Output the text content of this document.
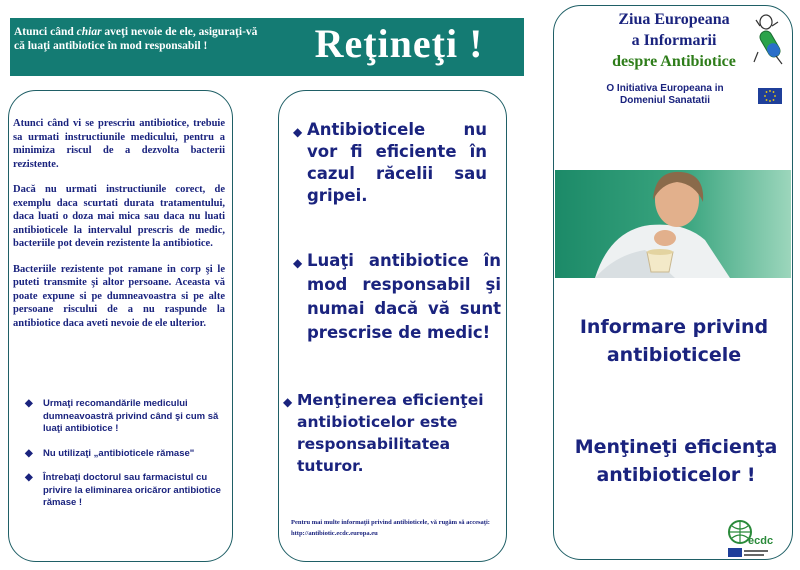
Atunci când chiar aveţi nevoie de ele, asiguraţi-vă că luaţi antibiotice în mod responsabil !	Reţineţi !

Atunci când vi se prescriu antibiotice, trebuie sa urmati instructiunile medicului, pentru a minimiza riscul de a dezvolta bacterii rezistente.

Dacă nu urmati instructiunile corect, de exemplu daca scurtati durata tratamentului, daca luati o doza mai mica sau daca nu luati antibioticele la intervalul prescris de medic, bacteriile pot devein rezistente la antibiotice.

Bacteriile rezistente pot ramane in corp şi le puteti transmite şi altor persoane. Aceasta vă poate expune si pe dumneavoastra si pe alte persoane riscului de a nu raspunde la antibiotice daca aveti nevoie de ele ulterior.

◆ Urmaţi recomandările medicului dumneavoastră privind când şi cum să luaţi antibiotice !
◆ Nu utilizaţi „antibioticele rămase"
◆ Întrebaţi doctorul sau farmacistul cu privire la eliminarea oricăror antibiotice rămase !
◆ Antibioticele nu vor fi eficiente în cazul răcelii sau gripei.
◆ Luaţi antibiotice în mod responsabil şi numai dacă vă sunt prescrise de medic!
◆ Menţinerea eficienţei antibioticelor este responsabilitatea tuturor.
Pentru mai multe informaţii privind antibioticele, vă rugăm să accesaţi: http://antibiotic.ecdc.europa.eu
Ziua Europeana
a Informarii
despre Antibiotice
O Initiativa Europeana in Domeniul Sanatatii
Informare privind antibioticele
Menţineţi eficienţa antibioticelor !
ecdc
